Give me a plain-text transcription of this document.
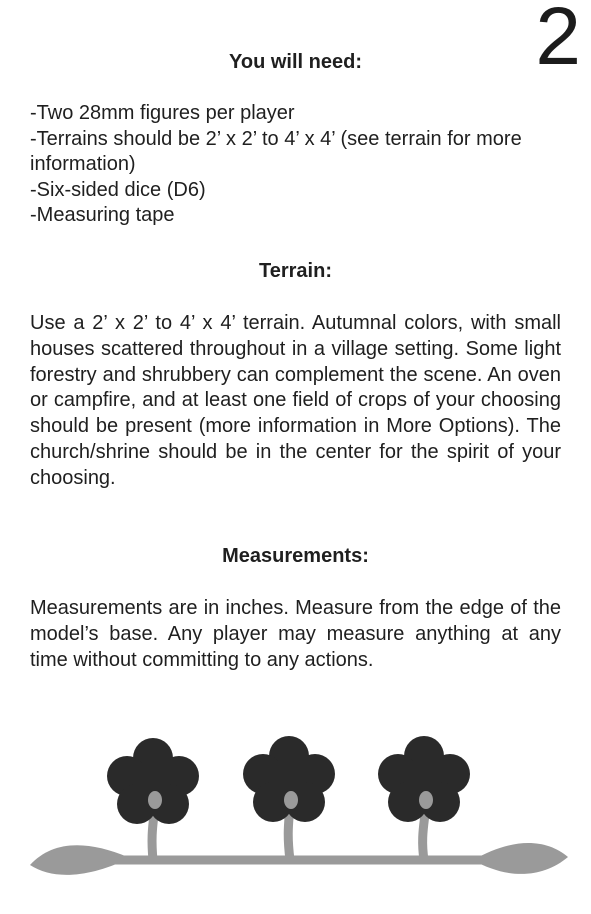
2
You will need:
-Two 28mm figures per player
-Terrains should be 2’ x 2’ to 4’ x 4’ (see terrain for more information)
-Six-sided dice (D6)
-Measuring tape
Terrain:

Use a 2’ x 2’ to 4’ x 4’ terrain. Autumnal colors, with small houses scattered throughout in a village setting. Some light forestry and shrubbery can complement the scene. An oven or campfire, and at least one field of crops of your choosing should be present (more information in More Options). The church/shrine should be in the center for the spirit of your choosing.

Measurements:

Measurements are in inches. Measure from the edge of the model’s base. Any player may measure anything at any time without committing to any actions.
